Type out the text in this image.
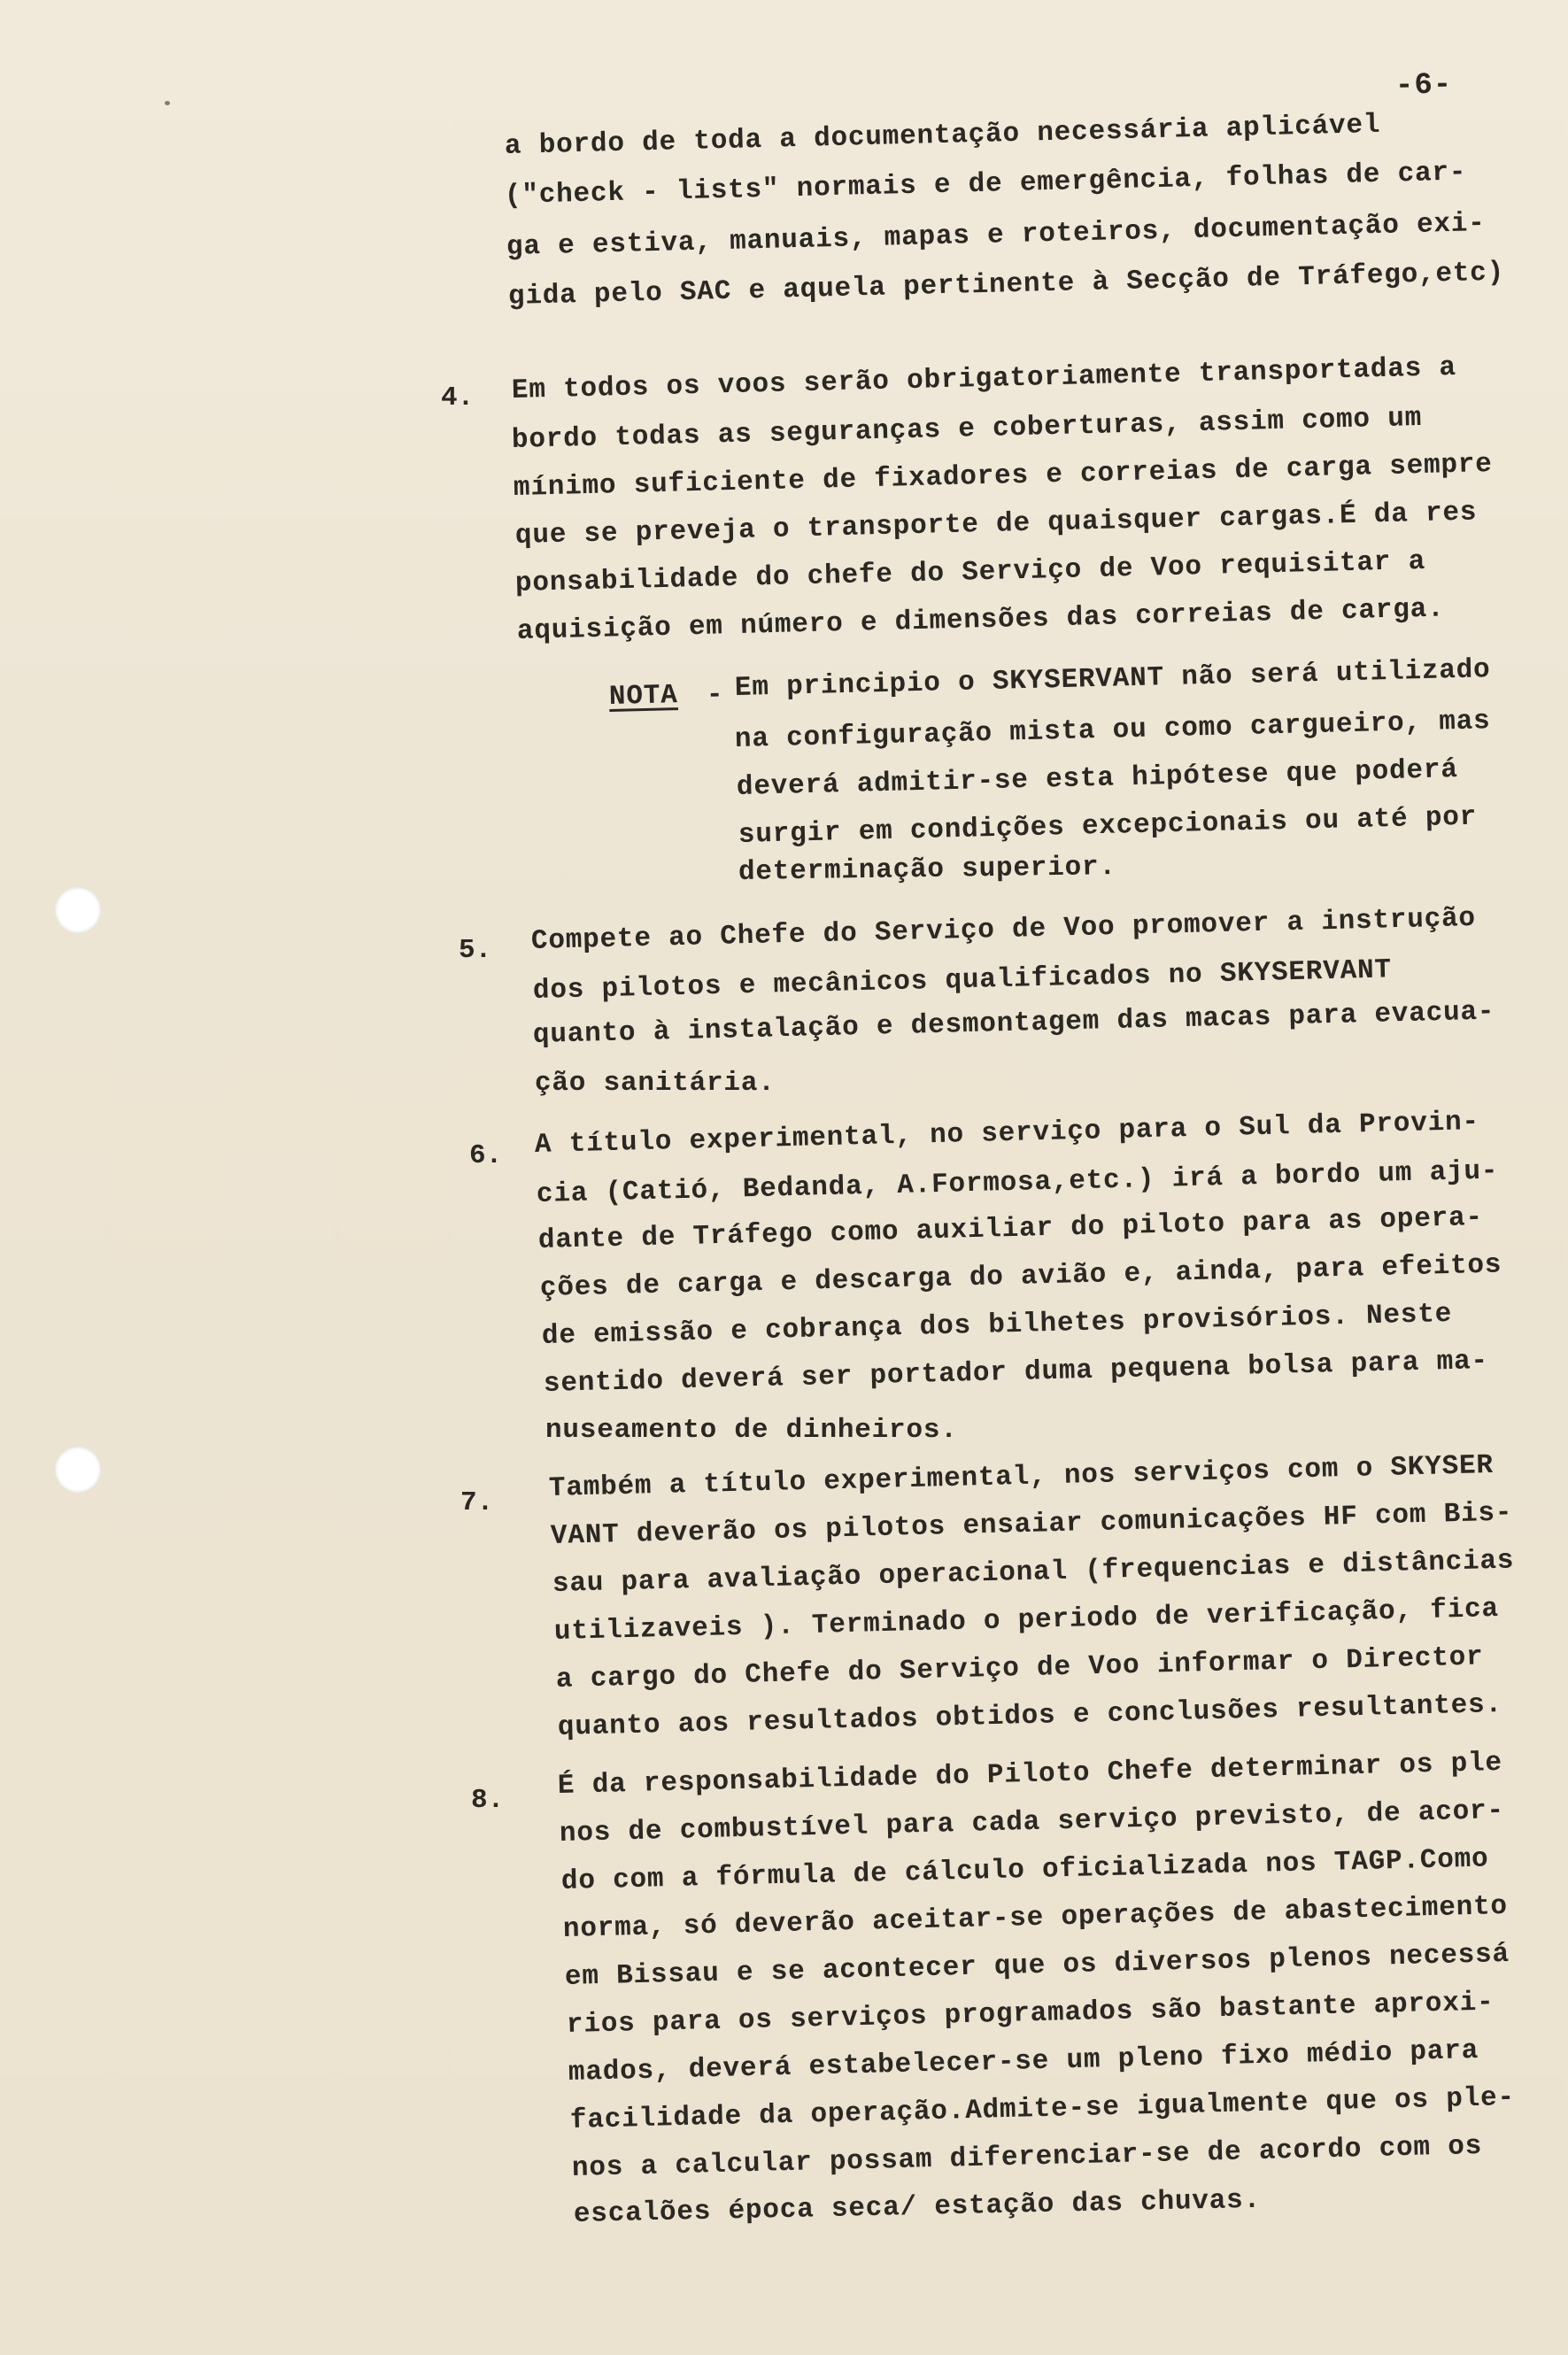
-6-
a bordo de toda a documentação necessária aplicável
("check - lists" normais e de emergência, folhas de car-
ga e estiva, manuais, mapas e roteiros, documentação exi-
gida pelo SAC e aquela pertinente à Secção de Tráfego,etc)
4. Em todos os voos serão obrigatoriamente transportadas a
bordo todas as seguranças e coberturas, assim como um
mínimo suficiente de fixadores e correias de carga sempre
que se preveja o transporte de quaisquer cargas.É da res
ponsabilidade do chefe do Serviço de Voo requisitar a
aquisição em número e dimensões das correias de carga.
NOTA - Em principio o SKYSERVANT não será utilizado
na configuração mista ou como cargueiro, mas
deverá admitir-se esta hipótese que poderá
surgir em condições excepcionais ou até por
determinação superior.
5. Compete ao Chefe do Serviço de Voo promover a instrução
dos pilotos e mecânicos qualificados no SKYSERVANT
quanto à instalação e desmontagem das macas para evacua-
ção sanitária.
6. A título experimental, no serviço para o Sul da Provin-
cia (Catió, Bedanda, A.Formosa,etc.) irá a bordo um aju-
dante de Tráfego como auxiliar do piloto para as opera-
ções de carga e descarga do avião e, ainda, para efeitos
de emissão e cobrança dos bilhetes provisórios. Neste
sentido deverá ser portador duma pequena bolsa para ma-
nuseamento de dinheiros.
7. Também a título experimental, nos serviços com o SKYSER
VANT deverão os pilotos ensaiar comunicações HF com Bis-
sau para avaliação operacional (frequencias e distâncias
utilizaveis ). Terminado o periodo de verificação, fica
a cargo do Chefe do Serviço de Voo informar o Director
quanto aos resultados obtidos e conclusões resultantes.
8. É da responsabilidade do Piloto Chefe determinar os ple
nos de combustível para cada serviço previsto, de acor-
do com a fórmula de cálculo oficializada nos TAGP.Como
norma, só deverão aceitar-se operações de abastecimento
em Bissau e se acontecer que os diversos plenos necessá
rios para os serviços programados são bastante aproxi-
mados, deverá estabelecer-se um pleno fixo médio para
facilidade da operação.Admite-se igualmente que os ple-
nos a calcular possam diferenciar-se de acordo com os
escalões época seca/ estação das chuvas.
